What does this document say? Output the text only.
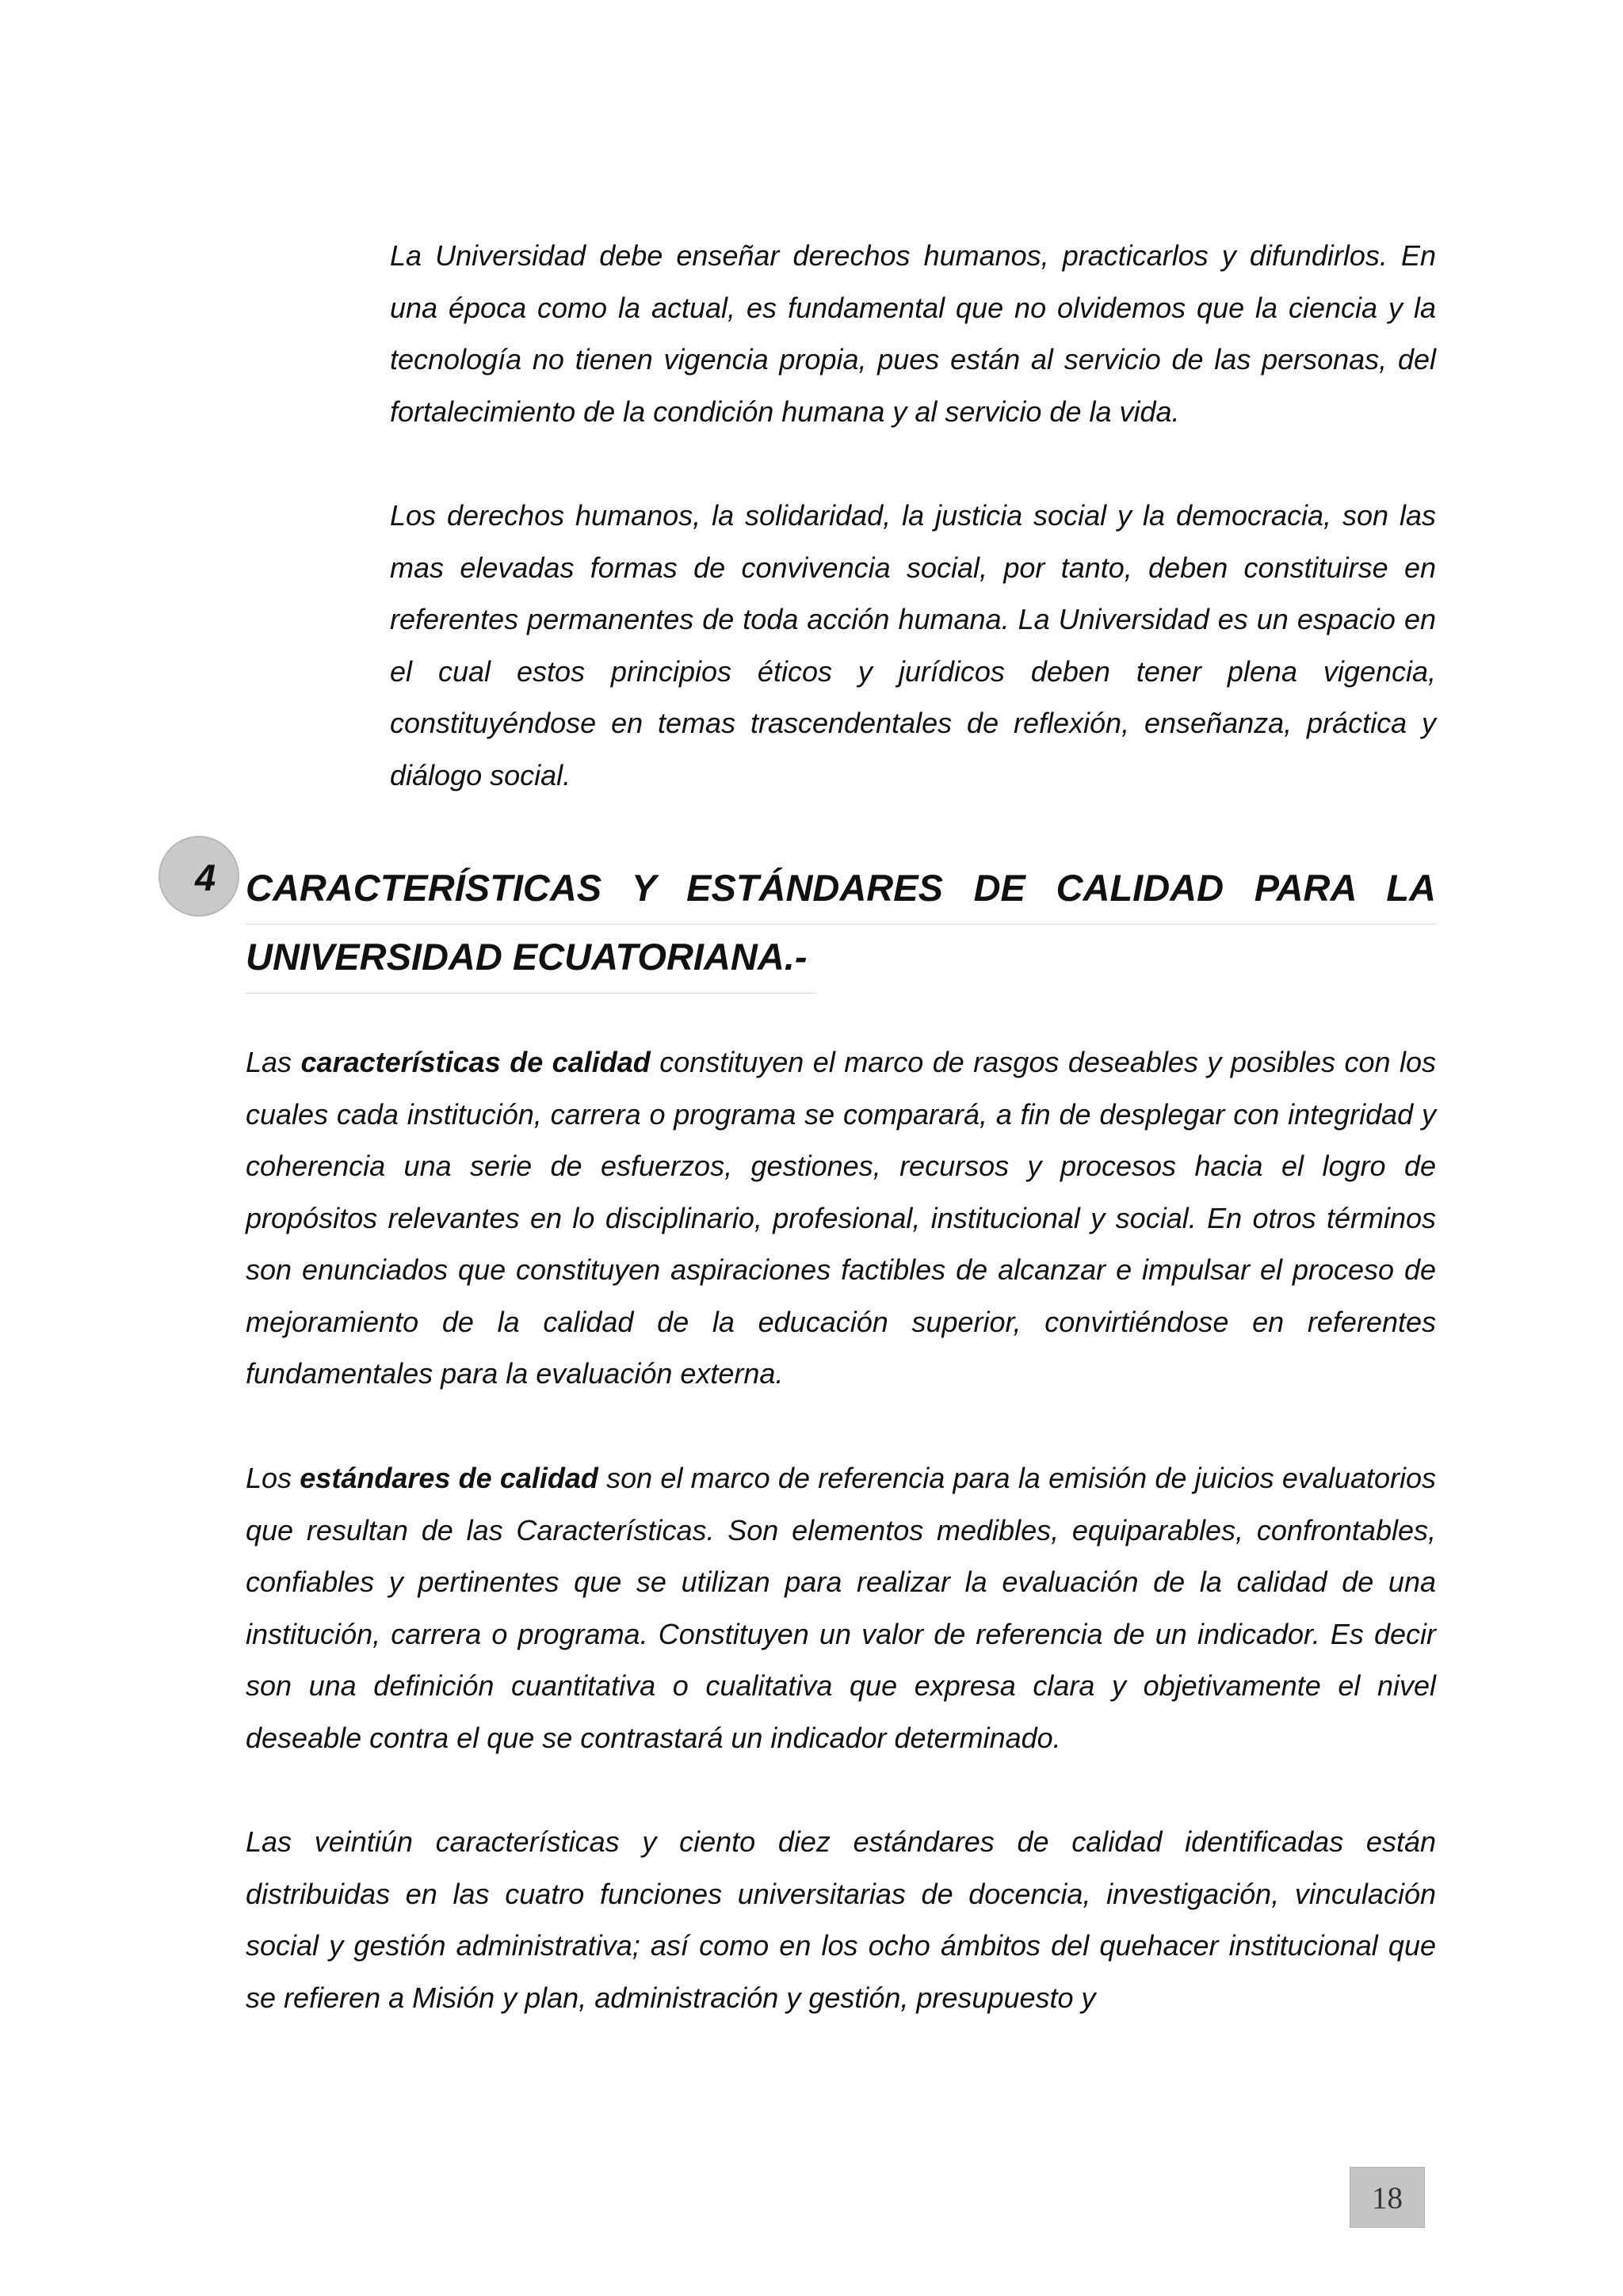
La Universidad debe enseñar derechos humanos, practicarlos y difundirlos. En una época como la actual, es fundamental que no olvidemos que la ciencia y la tecnología no tienen vigencia propia, pues están al servicio de las personas, del fortalecimiento de la condición humana y al servicio de la vida.

Los derechos humanos, la solidaridad, la justicia social y la democracia, son las mas elevadas formas de convivencia social, por tanto, deben constituirse en referentes permanentes de toda acción humana. La Universidad es un espacio en el cual estos principios éticos y jurídicos deben tener plena vigencia, constituyéndose en temas trascendentales de reflexión, enseñanza, práctica y diálogo social.

4 CARACTERÍSTICAS Y ESTÁNDARES DE CALIDAD PARA LA
UNIVERSIDAD ECUATORIANA.-

Las características de calidad constituyen el marco de rasgos deseables y posibles con los cuales cada institución, carrera o programa se comparará, a fin de desplegar con integridad y coherencia una serie de esfuerzos, gestiones, recursos y procesos hacia el logro de propósitos relevantes en lo disciplinario, profesional, institucional y social. En otros términos son enunciados que constituyen aspiraciones factibles de alcanzar e impulsar el proceso de mejoramiento de la calidad de la educación superior, convirtiéndose en referentes fundamentales para la evaluación externa.

Los estándares de calidad son el marco de referencia para la emisión de juicios evaluatorios que resultan de las Características. Son elementos medibles, equiparables, confrontables, confiables y pertinentes que se utilizan para realizar la evaluación de la calidad de una institución, carrera o programa. Constituyen un valor de referencia de un indicador. Es decir son una definición cuantitativa o cualitativa que expresa clara y objetivamente el nivel deseable contra el que se contrastará un indicador determinado.

Las veintiún características y ciento diez estándares de calidad identificadas están distribuidas en las cuatro funciones universitarias de docencia, investigación, vinculación social y gestión administrativa; así como en los ocho ámbitos del quehacer institucional que se refieren a Misión y plan, administración y gestión, presupuesto y

18
